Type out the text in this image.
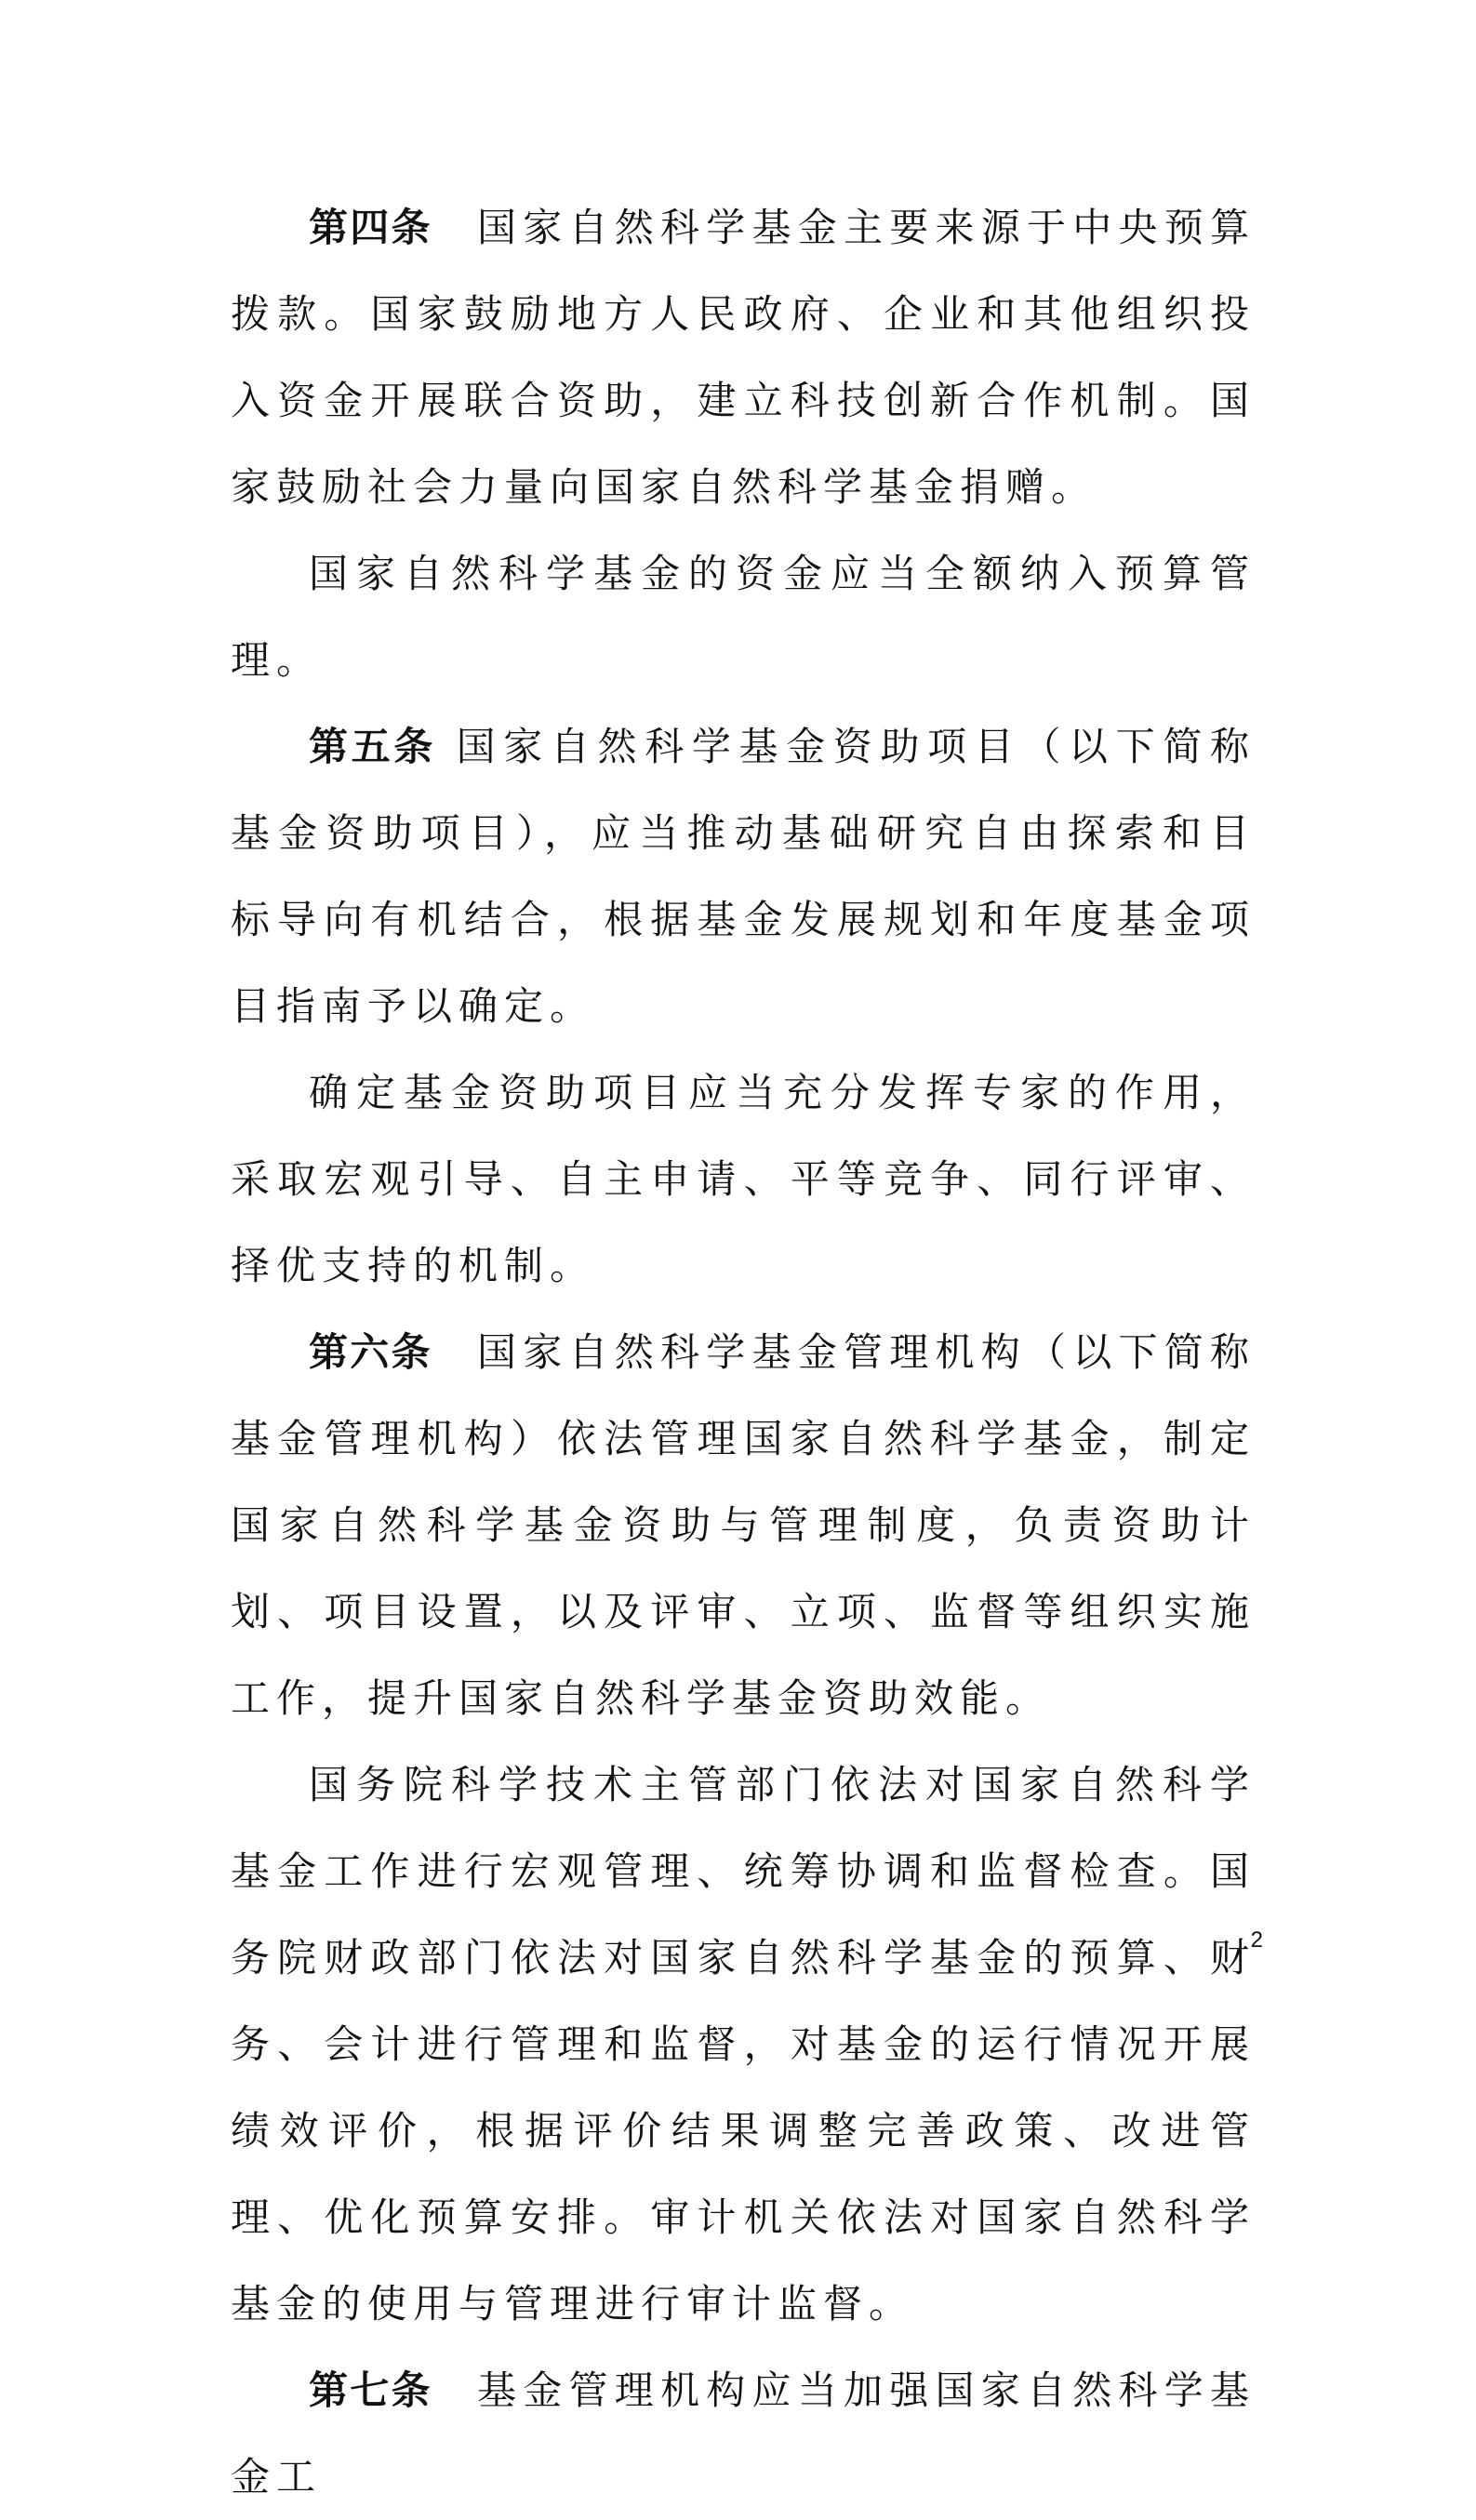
第四条 国家自然科学基金主要来源于中央预算拨款。国家鼓励地方人民政府、企业和其他组织投入资金开展联合资助，建立科技创新合作机制。国家鼓励社会力量向国家自然科学基金捐赠。

国家自然科学基金的资金应当全额纳入预算管理。

第五条 国家自然科学基金资助项目（以下简称基金资助项目），应当推动基础研究自由探索和目标导向有机结合，根据基金发展规划和年度基金项目指南予以确定。

确定基金资助项目应当充分发挥专家的作用，采取宏观引导、自主申请、平等竞争、同行评审、择优支持的机制。

第六条 国家自然科学基金管理机构（以下简称基金管理机构）依法管理国家自然科学基金，制定国家自然科学基金资助与管理制度，负责资助计划、项目设置，以及评审、立项、监督等组织实施工作，提升国家自然科学基金资助效能。

国务院科学技术主管部门依法对国家自然科学基金工作进行宏观管理、统筹协调和监督检查。国务院财政部门依法对国家自然科学基金的预算、财务、会计进行管理和监督，对基金的运行情况开展绩效评价，根据评价结果调整完善政策、改进管理、优化预算安排。审计机关依法对国家自然科学基金的使用与管理进行审计监督。

第七条 基金管理机构应当加强国家自然科学基金工

2
